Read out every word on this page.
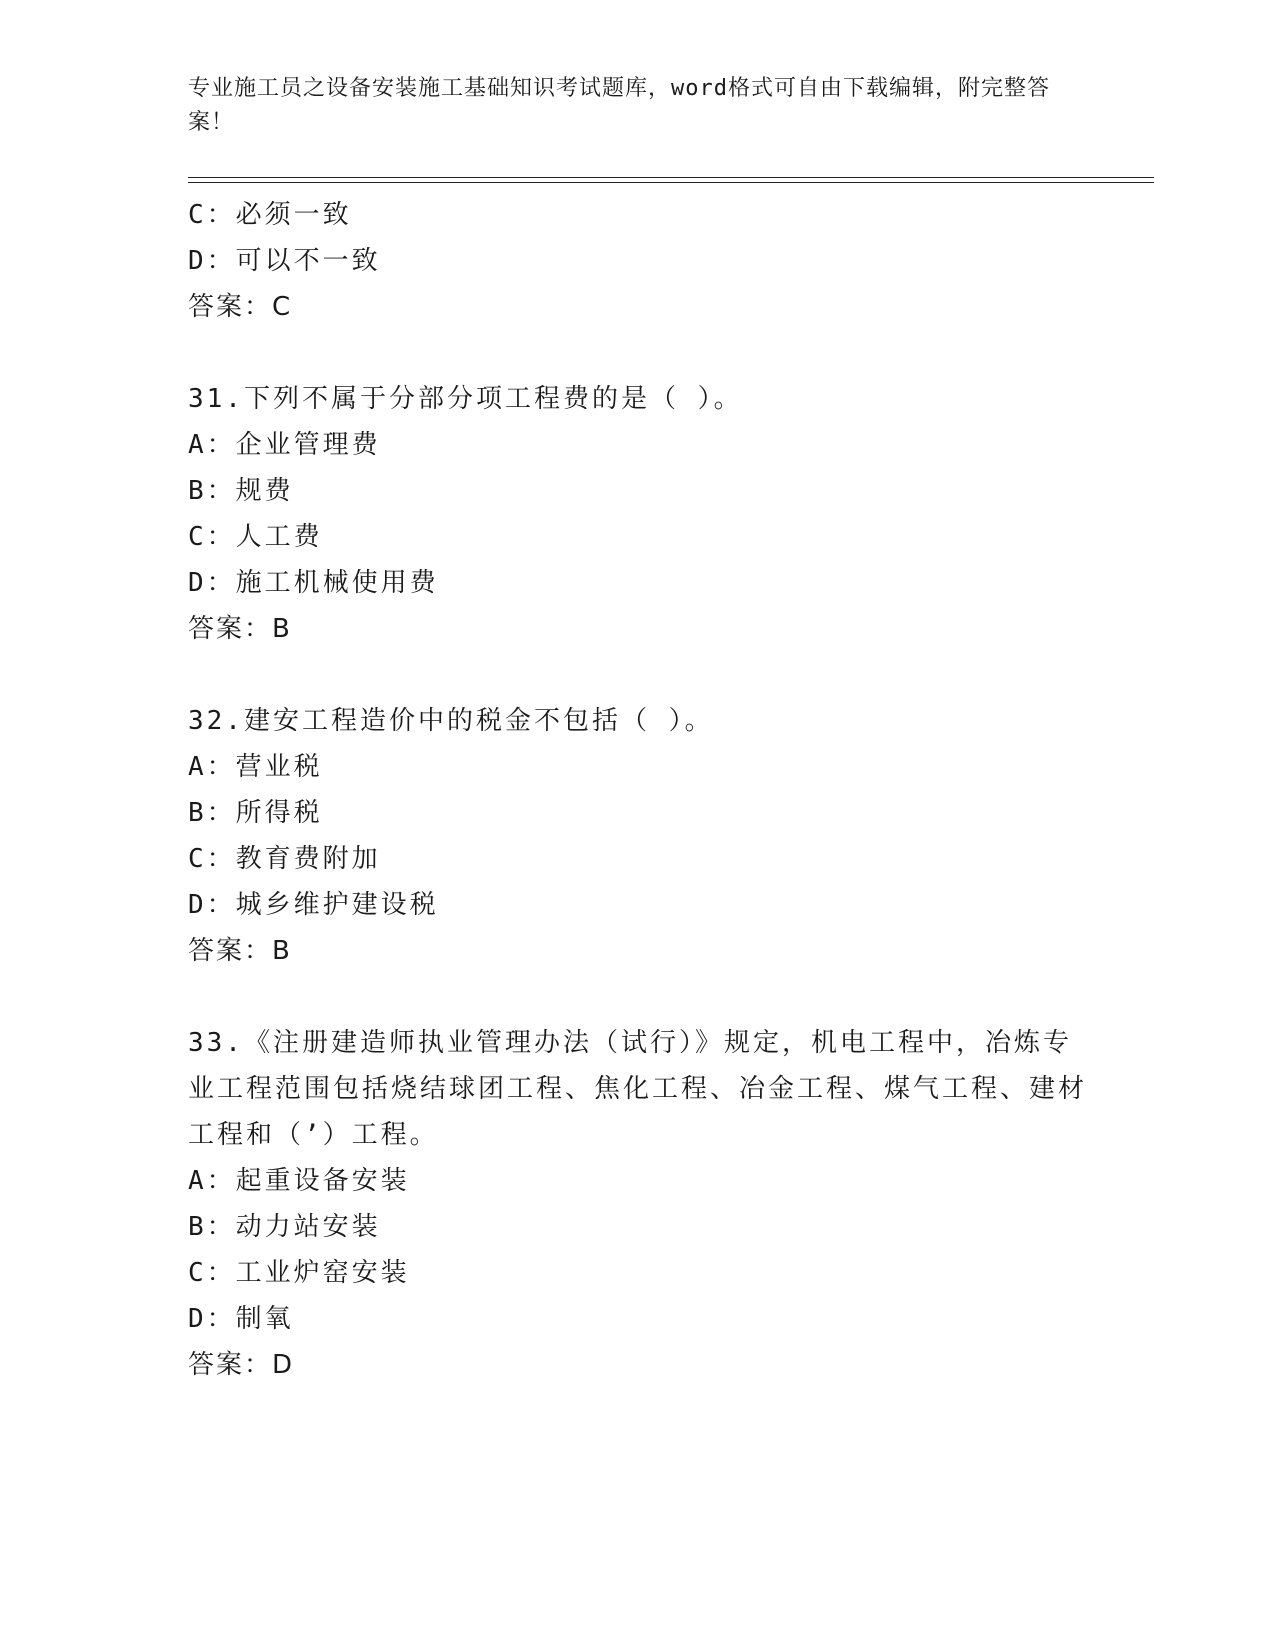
专业施工员之设备安装施工基础知识考试题库，word格式可自由下载编辑，附完整答案！
C：必须一致
D：可以不一致
答案：C
31.下列不属于分部分项工程费的是（ ）。
A：企业管理费
B：规费
C：人工费
D：施工机械使用费
答案：B
32.建安工程造价中的税金不包括（ ）。
A：营业税
B：所得税
C：教育费附加
D：城乡维护建设税
答案：B
33.《注册建造师执业管理办法（试行）》规定，机电工程中，冶炼专业工程范围包括烧结球团工程、焦化工程、冶金工程、煤气工程、建材工程和（’）工程。
A：起重设备安装
B：动力站安装
C：工业炉窑安装
D：制氧
答案：D
